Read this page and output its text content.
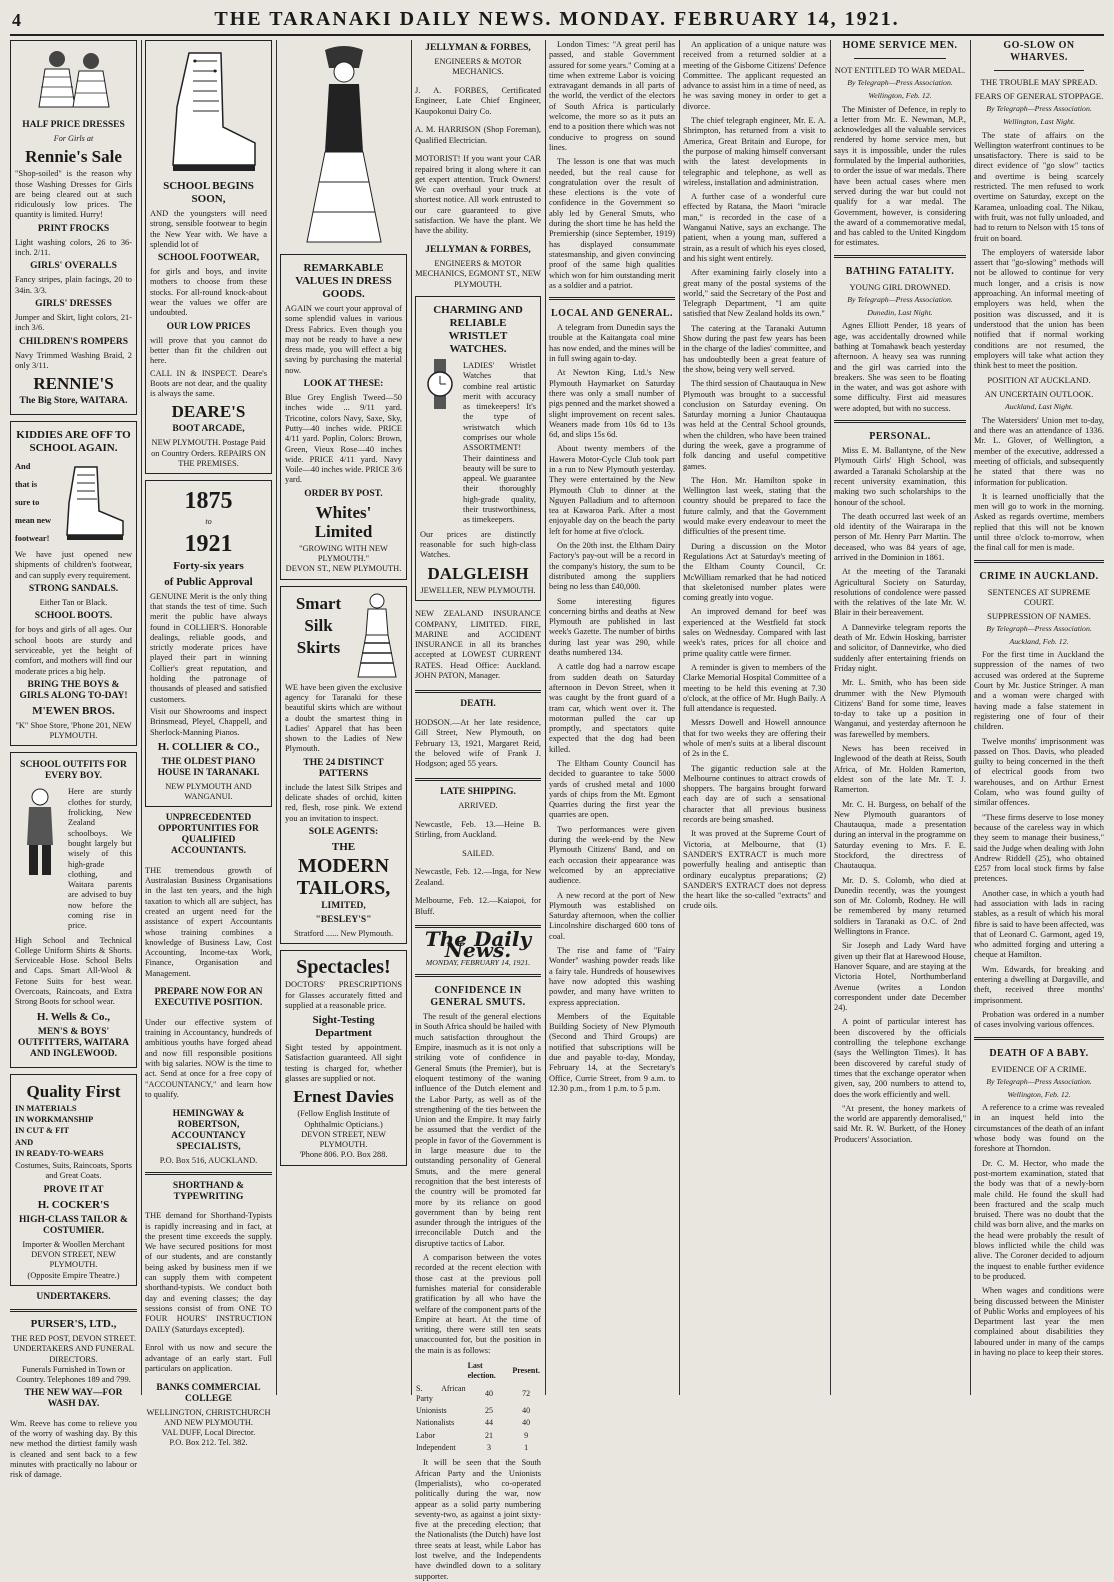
4	THE TARANAKI DAILY NEWS. MONDAY. FEBRUARY 14, 1921.
HALF PRICE DRESSES
For Girls at
Rennie's Sale

"Shop-soiled" is the reason why those Washing Dresses for Girls are being cleared out at such ridiculously low prices. The quantity is limited. Hurry!

PRINT FROCKS

Light washing colors, 26 to 36-inch. 2/11.

GIRLS' OVERALLS

Fancy stripes, plain facings, 20 to 34in. 3/3.

GIRLS' DRESSES

Jumper and Skirt, light colors, 21-inch 3/6.

CHILDREN'S ROMPERS

Navy Trimmed Washing Braid, 2 only 3/11.

RENNIE'S
The Big Store, WAITARA.
KIDDIES ARE OFF TO SCHOOL AGAIN.
And
that is
sure to
mean new
footwear!

We have just opened new shipments of children's footwear, and can supply every requirement.

STRONG SANDALS.
Either Tan or Black.
SCHOOL BOOTS.

for boys and girls of all ages. Our school boots are sturdy and serviceable, yet the height of comfort, and mothers will find our moderate prices a big help.

BRING THE BOYS & GIRLS ALONG TO-DAY!
M'EWEN BROS.
"K" Shoe Store, 'Phone 201, NEW PLYMOUTH.
SCHOOL OUTFITS FOR EVERY BOY.

Here are sturdy clothes for sturdy, frolicking, New Zealand schoolboys. We bought largely but wisely of this high-grade clothing, and Waitara parents are advised to buy now before the coming rise in price.

High School and Technical College Uniform Shirts & Shorts. Serviceable Hose. School Belts and Caps. Smart All-Wool & Fetone Suits for best wear. Overcoats, Raincoats, and Extra Strong Boots for school wear.

H. Wells & Co.,
MEN'S & BOYS' OUTFITTERS, WAITARA AND INGLEWOOD.
Quality First
IN MATERIALS
IN WORKMANSHIP
IN CUT & FIT
AND
IN READY-TO-WEARS
Costumes, Suits, Raincoats, Sports and Great Coats.
PROVE IT AT
H. COCKER'S
HIGH-CLASS TAILOR & COSTUMIER.
Importer & Woollen Merchant DEVON STREET, NEW PLYMOUTH.
(Opposite Empire Theatre.)
UNDERTAKERS.
PURSER'S, LTD.,
THE RED POST, DEVON STREET.
UNDERTAKERS AND FUNERAL DIRECTORS.
Funerals Furnished in Town or Country. Telephones 189 and 799.
THE NEW WAY—FOR WASH DAY.

Wm. Reeve has come to relieve you of the worry of washing day. By this new method the dirtiest family wash is cleaned and sent back to a few minutes with practically no labour or risk of damage.

SCHOOL BEGINS SOON,

AND the youngsters will need strong, sensible footwear to begin the New Year with. We have a splendid lot of

SCHOOL FOOTWEAR,

for girls and boys, and invite mothers to choose from these stocks. For all-round knock-about wear the values we offer are undoubted.

OUR LOW PRICES

will prove that you cannot do better than fit the children out here.

CALL IN & INSPECT. Deare's Boots are not dear, and the quality is always the same.

DEARE'S
BOOT ARCADE,
NEW PLYMOUTH. Postage Paid on Country Orders. REPAIRS ON THE PREMISES.
1875
to
1921
Forty-six years
of Public Approval

GENUINE Merit is the only thing that stands the test of time. Such merit the public have always found in COLLIER'S. Honorable dealings, reliable goods, and strictly moderate prices have played their part in winning Collier's great reputation, and holding the patronage of thousands of pleased and satisfied customers.

Visit our Showrooms and inspect Brinsmead, Pleyel, Chappell, and Sherlock-Manning Pianos.

H. COLLIER & CO.,
THE OLDEST PIANO HOUSE IN TARANAKI.
NEW PLYMOUTH AND WANGANUI.
UNPRECEDENTED OPPORTUNITIES FOR QUALIFIED ACCOUNTANTS.

THE tremendous growth of Australasian Business Organisations in the last ten years, and the high taxation to which all are subject, has created an urgent need for the assistance of expert Accountants whose training combines a knowledge of Business Law, Cost Accounting, Income-tax Work, Finance, Organisation and Management.

PREPARE NOW FOR AN EXECUTIVE POSITION.

Under our effective system of training in Accountancy, hundreds of ambitious youths have forged ahead and now fill responsible positions with big salaries. NOW is the time to act. Send at once for a free copy of "ACCOUNTANCY," and learn how to qualify.

HEMINGWAY & ROBERTSON, ACCOUNTANCY SPECIALISTS,
P.O. Box 516, AUCKLAND.
SHORTHAND & TYPEWRITING

THE demand for Shorthand-Typists is rapidly increasing and in fact, at the present time exceeds the supply. We have secured positions for most of our students, and are constantly being asked by business men if we can supply them with competent shorthand-typists. We conduct both day and evening classes; the day sessions consist of from ONE TO FOUR HOURS' INSTRUCTION DAILY (Saturdays excepted).

Enrol with us now and secure the advantage of an early start. Full particulars on application.

BANKS COMMERCIAL COLLEGE
WELLINGTON, CHRISTCHURCH AND NEW PLYMOUTH.
VAL DUFF, Local Director.
P.O. Box 212. Tel. 382.
REMARKABLE VALUES IN DRESS GOODS.

AGAIN we court your approval of some splendid values in various Dress Fabrics. Even though you may not be ready to have a new dress made, you will effect a big saving by purchasing the material now.

LOOK AT THESE:

Blue Grey English Tweed—50 inches wide ... 9/11 yard. Tricotine, colors Navy, Saxe, Sky, Putty—40 inches wide. PRICE 4/11 yard. Poplin, Colors: Brown, Green, Vieux Rose—40 inches wide. PRICE 4/11 yard. Navy Voile—40 inches wide. PRICE 3/6 yard.

ORDER BY POST.
Whites' Limited
"GROWING WITH NEW PLYMOUTH."
DEVON ST., NEW PLYMOUTH.
Smart
Silk
Skirts

WE have been given the exclusive agency for Taranaki for these beautiful skirts which are without a doubt the smartest thing in Ladies' Apparel that has been shown to the Ladies of New Plymouth.

THE 24 DISTINCT PATTERNS

include the latest Silk Stripes and delicate shades of orchid, kitten red, flesh, rose pink. We extend you an invitation to inspect.

SOLE AGENTS:
THE
MODERN
TAILORS,
LIMITED,
"BESLEY'S"
Stratford ...... New Plymouth.
Spectacles!

DOCTORS' PRESCRIPTIONS for Glasses accurately fitted and supplied at a reasonable price.

Sight-Testing Department

Sight tested by appointment. Satisfaction guaranteed. All sight testing is charged for, whether glasses are supplied or not.

Ernest Davies
(Fellow English Institute of Ophthalmic Opticians.)
DEVON STREET, NEW PLYMOUTH.
'Phone 806. P.O. Box 288.
JELLYMAN & FORBES,
ENGINEERS & MOTOR MECHANICS.

J. A. FORBES, Certificated Engineer, Late Chief Engineer, Kaupokonui Dairy Co.

A. M. HARRISON (Shop Foreman), Qualified Electrician.

MOTORIST! If you want your CAR repaired bring it along where it can get expert attention. Truck Owners! We can overhaul your truck at shortest notice. All work entrusted to our care guaranteed to give satisfaction. We have the plant. We have the ability.

JELLYMAN & FORBES,
ENGINEERS & MOTOR MECHANICS, EGMONT ST., NEW PLYMOUTH.
CHARMING AND RELIABLE WRISTLET WATCHES.

LADIES' Wristlet Watches that combine real artistic merit with accuracy as timekeepers! It's the type of wristwatch which comprises our whole ASSORTMENT! Their daintiness and beauty will be sure to appeal. We guarantee their thoroughly high-grade quality, their trustworthiness, as timekeepers.

Our prices are distinctly reasonable for such high-class Watches.

DALGLEISH
JEWELLER, NEW PLYMOUTH.

NEW ZEALAND INSURANCE COMPANY, LIMITED. FIRE, MARINE and ACCIDENT INSURANCE in all its branches accepted at LOWEST CURRENT RATES. Head Office: Auckland. JOHN PATON, Manager.

DEATH.

HODSON.—At her late residence, Gill Street, New Plymouth, on February 13, 1921, Margaret Reid, the beloved wife of Frank J. Hodgson; aged 55 years.

LATE SHIPPING.
ARRIVED.

Newcastle, Feb. 13.—Heine B. Stirling, from Auckland.

SAILED.

Newcastle, Feb. 12.—Inga, for New Zealand.

Melbourne, Feb. 12.—Kaiapoi, for Bluff.

The Daily News.
MONDAY, FEBRUARY 14, 1921.
CONFIDENCE IN GENERAL SMUTS.

The result of the general elections in South Africa should be hailed with much satisfaction throughout the Empire, inasmuch as it is not only a striking vote of confidence in General Smuts (the Premier), but is eloquent testimony of the waning influence of the Dutch element and the Labor Party, as well as of the strengthening of the ties between the Union and the Empire. It may fairly be assumed that the verdict of the people in favor of the Government is in large measure due to the outstanding personality of General Smuts, and the mere general recognition that the best interests of the country will be promoted far more by its reliance on good government than by being rent asunder through the intrigues of the irreconcilable Dutch and the disruptive tactics of Labor.

A comparison between the votes recorded at the recent election with those cast at the previous poll furnishes material for considerable gratification by all who have the welfare of the component parts of the Empire at heart. At the time of writing, there were still ten seats unaccounted for, but the position in the main is as follows:

	Last election.	Present.
S. African Party	40	72
Unionists	25	40
Nationalists	44	40
Labor	21	9
Independent	3	1

It will be seen that the South African Party and the Unionists (Imperialists), who co-operated politically during the war, now appear as a solid party numbering seventy-two, as against a joint sixty-five at the preceding election; that the Nationalists (the Dutch) have lost three seats at least, while Labor has lost twelve, and the Independents have dwindled down to a solitary supporter.

London Times: "A great peril has passed, and stable Government assured for some years." Coming at a time when extreme Labor is voicing extravagant demands in all parts of the world, the verdict of the electors of South Africa is particularly welcome, the more so as it puts an end to a position there which was not conducive to progress on sound lines.

The lesson is one that was much needed, but the real cause for congratulation over the result of these elections is the vote of confidence in the Government so ably led by General Smuts, who during the short time he has held the Premiership (since September, 1919) has displayed consummate statesmanship, and given convincing proof of the same high qualities which won for him outstanding merit as a soldier and a patriot.

LOCAL AND GENERAL.

A telegram from Dunedin says the trouble at the Kaitangata coal mine has now ended, and the mines will be in full swing again to-day.

At Newton King, Ltd.'s New Plymouth Haymarket on Saturday there was only a small number of pigs penned and the market showed a slight improvement on recent sales. Weaners made from 10s 6d to 13s 6d, and slips 15s 6d.

About twenty members of the Hawera Motor-Cycle Club took part in a run to New Plymouth yesterday. They were entertained by the New Plymouth Club to dinner at the Nguyen Palladium and to afternoon tea at Kawaroa Park. After a most enjoyable day on the beach the party left for home at five o'clock.

On the 20th inst. the Eltham Dairy Factory's pay-out will be a record in the company's history, the sum to be distributed among the suppliers being no less than £40,000.

Some interesting figures concerning births and deaths at New Plymouth are published in last week's Gazette. The number of births during last year was 290, while deaths numbered 134.

A cattle dog had a narrow escape from sudden death on Saturday afternoon in Devon Street, when it was caught by the front guard of a tram car, which went over it. The motorman pulled the car up promptly, and spectators quite expected that the dog had been killed.

The Eltham County Council has decided to guarantee to take 5000 yards of crushed metal and 1000 yards of chips from the Mt. Egmont Quarries during the first year the quarries are open.

Two performances were given during the week-end by the New Plymouth Citizens' Band, and on each occasion their appearance was welcomed by an appreciative audience.

A new record at the port of New Plymouth was established on Saturday afternoon, when the collier Lincolnshire discharged 600 tons of coal.

The rise and fame of "Fairy Wonder" washing powder reads like a fairy tale. Hundreds of housewives have now adopted this washing powder, and many have written to express appreciation.

Members of the Equitable Building Society of New Plymouth (Second and Third Groups) are notified that subscriptions will be due and payable to-day, Monday, February 14, at the Secretary's Office, Currie Street, from 9 a.m. to 12.30 p.m., from 1 p.m. to 5 p.m.

An application of a unique nature was received from a returned soldier at a meeting of the Gisborne Citizens' Defence Committee. The applicant requested an advance to assist him in a time of need, as he was saving money in order to get a divorce.

The chief telegraph engineer, Mr. E. A. Shrimpton, has returned from a visit to America, Great Britain and Europe, for the purpose of making himself conversant with the latest developments in telegraphic and telephone, as well as wireless, installation and administration.

A further case of a wonderful cure effected by Ratana, the Maori "miracle man," is recorded in the case of a Wanganui Native, says an exchange. The patient, when a young man, suffered a strain, as a result of which his eyes closed, and his sight went entirely.

After examining fairly closely into a great many of the postal systems of the world," said the Secretary of the Post and Telegraph Department, "I am quite satisfied that New Zealand holds its own."

The catering at the Taranaki Autumn Show during the past few years has been in the charge of the ladies' committee, and has undoubtedly been a great feature of the show, being very well served.

The third session of Chautauqua in New Plymouth was brought to a successful conclusion on Saturday evening. On Saturday morning a Junior Chautauqua was held at the Central School grounds, when the children, who have been trained during the week, gave a programme of folk dancing and useful competitive games.

The Hon. Mr. Hamilton spoke in Wellington last week, stating that the country should be prepared to face the future calmly, and that the Government would make every endeavour to meet the difficulties of the present time.

During a discussion on the Motor Regulations Act at Saturday's meeting of the Eltham County Council, Cr. McWilliam remarked that he had noticed that skeletonised number plates were coming greatly into vogue.

An improved demand for beef was experienced at the Westfield fat stock sales on Wednesday. Compared with last week's rates, prices for all choice and prime quality cattle were firmer.

A reminder is given to members of the Clarke Memorial Hospital Committee of a meeting to be held this evening at 7.30 o'clock, at the office of Mr. Hugh Baily. A full attendance is requested.

Messrs Dowell and Howell announce that for two weeks they are offering their whole of men's suits at a liberal discount of 2s in the £.

The gigantic reduction sale at the Melbourne continues to attract crowds of shoppers. The bargains brought forward each day are of such a sensational character that all previous business records are being smashed.

It was proved at the Supreme Court of Victoria, at Melbourne, that (1) SANDER'S EXTRACT is much more powerfully healing and antiseptic than ordinary eucalyptus preparations; (2) SANDER'S EXTRACT does not depress the heart like the so-called "extracts" and crude oils.

HOME SERVICE MEN.
NOT ENTITLED TO WAR MEDAL.
By Telegraph—Press Association.
Wellington, Feb. 12.

The Minister of Defence, in reply to a letter from Mr. E. Newman, M.P., acknowledges all the valuable services rendered by home service men, but says it is impossible, under the rules formulated by the Imperial authorities, to order the issue of war medals. There have been actual cases where men served during the war but could not qualify for a war medal. The Government, however, is considering the award of a commemorative medal, and has cabled to the United Kingdom for estimates.

BATHING FATALITY.
YOUNG GIRL DROWNED.
By Telegraph—Press Association.
Dunedin, Last Night.

Agnes Elliott Pender, 18 years of age, was accidentally drowned while bathing at Tomahawk beach yesterday afternoon. A heavy sea was running and the girl was carried into the breakers. She was seen to be floating in the water, and was got ashore with some difficulty. First aid measures were adopted, but with no success.

PERSONAL.

Miss E. M. Ballantyne, of the New Plymouth Girls' High School, was awarded a Taranaki Scholarship at the recent university examination, this making two such scholarships to the honour of the school.

The death occurred last week of an old identity of the Wairarapa in the person of Mr. Henry Parr Martin. The deceased, who was 84 years of age, arrived in the Dominion in 1861.

At the meeting of the Taranaki Agricultural Society on Saturday, resolutions of condolence were passed with the relatives of the late Mr. W. Blair in their bereavement.

A Dannevirke telegram reports the death of Mr. Edwin Hosking, barrister and solicitor, of Dannevirke, who died suddenly after entertaining friends on Friday night.

Mr. L. Smith, who has been side drummer with the New Plymouth Citizens' Band for some time, leaves to-day to take up a position in Wanganui, and yesterday afternoon he was farewelled by members.

News has been received in Inglewood of the death at Reiss, South Africa, of Mr. Holden Ramerton, eldest son of the late Mr. T. J. Ramerton.

Mr. C. H. Burgess, on behalf of the New Plymouth guarantors of Chautauqua, made a presentation during an interval in the programme on Saturday evening to Mrs. F. E. Stockford, the directress of Chautauqua.

Mr. D. S. Colomb, who died at Dunedin recently, was the youngest son of Mr. Colomb, Rodney. He will be remembered by many returned soldiers in Taranaki as O.C. of 2nd Wellingtons in France.

Sir Joseph and Lady Ward have given up their flat at Harewood House, Hanover Square, and are staying at the Victoria Hotel, Northumberland Avenue (writes a London correspondent under date December 24).

A point of particular interest has been discovered by the officials controlling the telephone exchange (says the Wellington Times). It has been discovered by careful study of times that the exchange operator when given, say, 200 numbers to attend to, does the work efficiently and well.

"At present, the honey markets of the world are apparently demoralised," said Mr. R. W. Burkett, of the Honey Producers' Association.

GO-SLOW ON WHARVES.
THE TROUBLE MAY SPREAD.
FEARS OF GENERAL STOPPAGE.
By Telegraph—Press Association.
Wellington, Last Night.

The state of affairs on the Wellington waterfront continues to be unsatisfactory. There is said to be direct evidence of "go slow" tactics and overtime is being scarcely restricted. The men refused to work overtime on Saturday, except on the Karamea, unloading coal. The Nikau, with fruit, was not fully unloaded, and had to return to Nelson with 15 tons of fruit on board.

The employers of waterside labor assert that "go-slowing" methods will not be allowed to continue for very much longer, and a crisis is now approaching. An informal meeting of employers was held, when the position was discussed, and it is understood that the union has been notified that if normal working conditions are not resumed, the employers will take what action they think best to meet the position.

POSITION AT AUCKLAND.
AN UNCERTAIN OUTLOOK.
Auckland, Last Night.

The Watersiders' Union met to-day, and there was an attendance of 1336. Mr. L. Glover, of Wellington, a member of the executive, addressed a meeting of officials, and subsequently he stated that there was no information for publication.

It is learned unofficially that the men will go to work in the morning. Asked as regards overtime, members replied that this will not be known until three o'clock to-morrow, when the final call for men is made.

CRIME IN AUCKLAND.
SENTENCES AT SUPREME COURT.
SUPPRESSION OF NAMES.
By Telegraph—Press Association.
Auckland, Feb. 12.

For the first time in Auckland the suppression of the names of two accused was ordered at the Supreme Court by Mr. Justice Stringer. A man and a woman were charged with having made a false statement in registering one of four of their children.

Twelve months' imprisonment was passed on Thos. Davis, who pleaded guilty to being concerned in the theft of electrical goods from two warehouses, and on Arthur Ernest Colam, who was found guilty of similar offences.

"These firms deserve to lose money because of the careless way in which they seem to manage their business," said the Judge when dealing with John Andrew Riddell (25), who obtained £257 from local stock firms by false pretences.

Another case, in which a youth had had association with lads in racing stables, as a result of which his moral fibre is said to have been affected, was that of Leonard C. Garmont, aged 19, who admitted forging and uttering a cheque at Hamilton.

Wm. Edwards, for breaking and entering a dwelling at Dargaville, and theft, received three months' imprisonment.

Probation was ordered in a number of cases involving various offences.

DEATH OF A BABY.
EVIDENCE OF A CRIME.
By Telegraph—Press Association.
Wellington, Feb. 12.

A reference to a crime was revealed in an inquest held into the circumstances of the death of an infant whose body was found on the foreshore at Thorndon.

Dr. C. M. Hector, who made the post-mortem examination, stated that the body was that of a newly-born male child. He found the skull had been fractured and the scalp much bruised. There was no doubt that the child was born alive, and the marks on the head were probably the result of blows inflicted while the child was alive. The Coroner decided to adjourn the inquest to enable further evidence to be produced.

When wages and conditions were being discussed between the Minister of Public Works and employees of his Department last year the men complained about disabilities they laboured under in many of the camps in having no place to keep their stores.
